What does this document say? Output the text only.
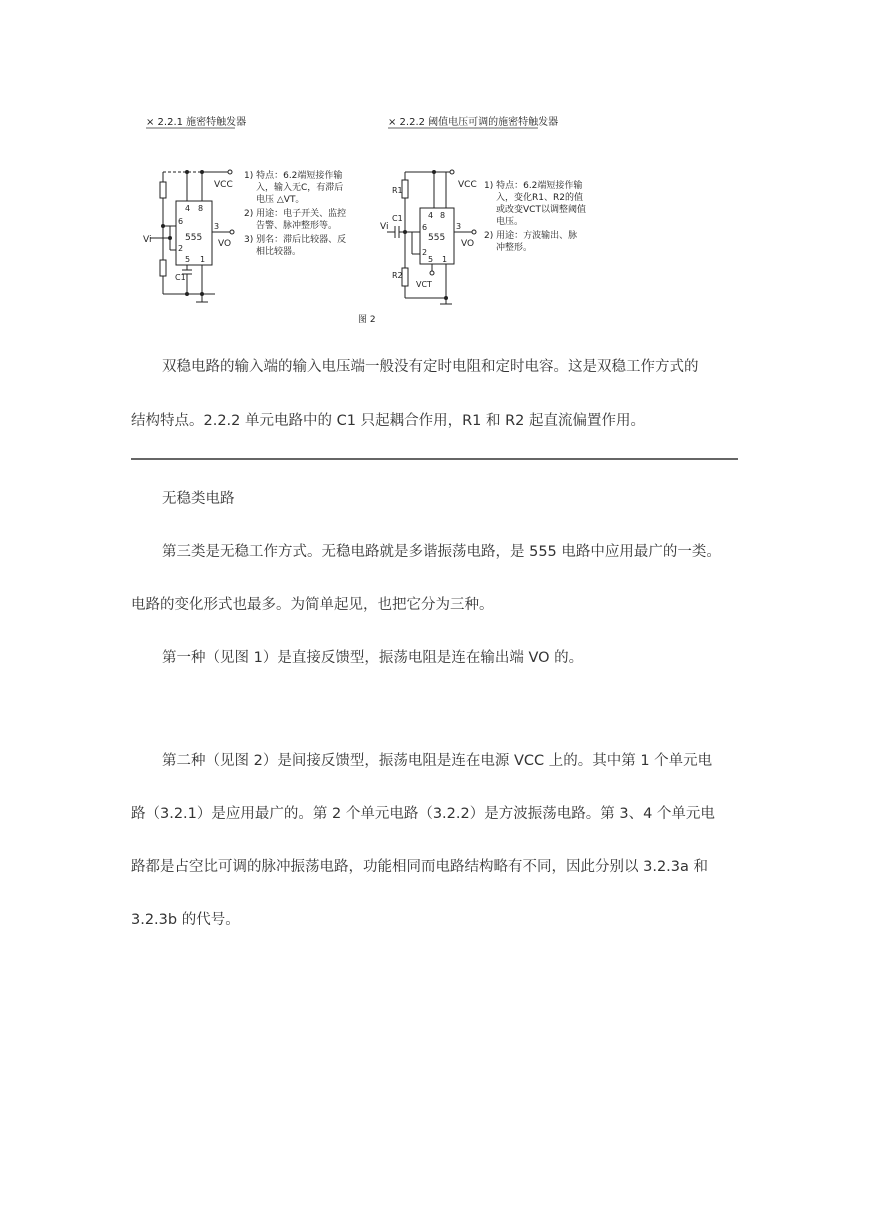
× 2.2.1 施密特触发器	× 2.2.2 阈值电压可调的施密特触发器
VCC
Vi	VO
555
C1
4 8
6
2
3
5 1
1) 特点：6.2端短接作输
入，输入无C，有滞后
电压 △VT。
2) 用途：电子开关、监控
告警、脉冲整形等。
3) 别名：滞后比较器、反
相比较器。
VCC
Vi
VO
555
C1
R1
R2
VCT
4 8
6
2
3
5 1
1) 特点：6.2端短接作输
入，变化R1、R2的值
或改变VCT以调整阈值
电压。
2) 用途：方波输出、脉
冲整形。
图 2

双稳电路的输入端的输入电压端一般没有定时电阻和定时电容。这是双稳工作方式的

结构特点。2.2.2 单元电路中的 C1 只起耦合作用，R1 和 R2 起直流偏置作用。

无稳类电路

第三类是无稳工作方式。无稳电路就是多谐振荡电路，是 555 电路中应用最广的一类。

电路的变化形式也最多。为简单起见，也把它分为三种。

第一种（见图 1）是直接反馈型，振荡电阻是连在输出端 VO 的。

第二种（见图 2）是间接反馈型，振荡电阻是连在电源 VCC 上的。其中第 1 个单元电

路（3.2.1）是应用最广的。第 2 个单元电路（3.2.2）是方波振荡电路。第 3、4 个单元电

路都是占空比可调的脉冲振荡电路，功能相同而电路结构略有不同，因此分别以 3.2.3a 和

3.2.3b 的代号。
